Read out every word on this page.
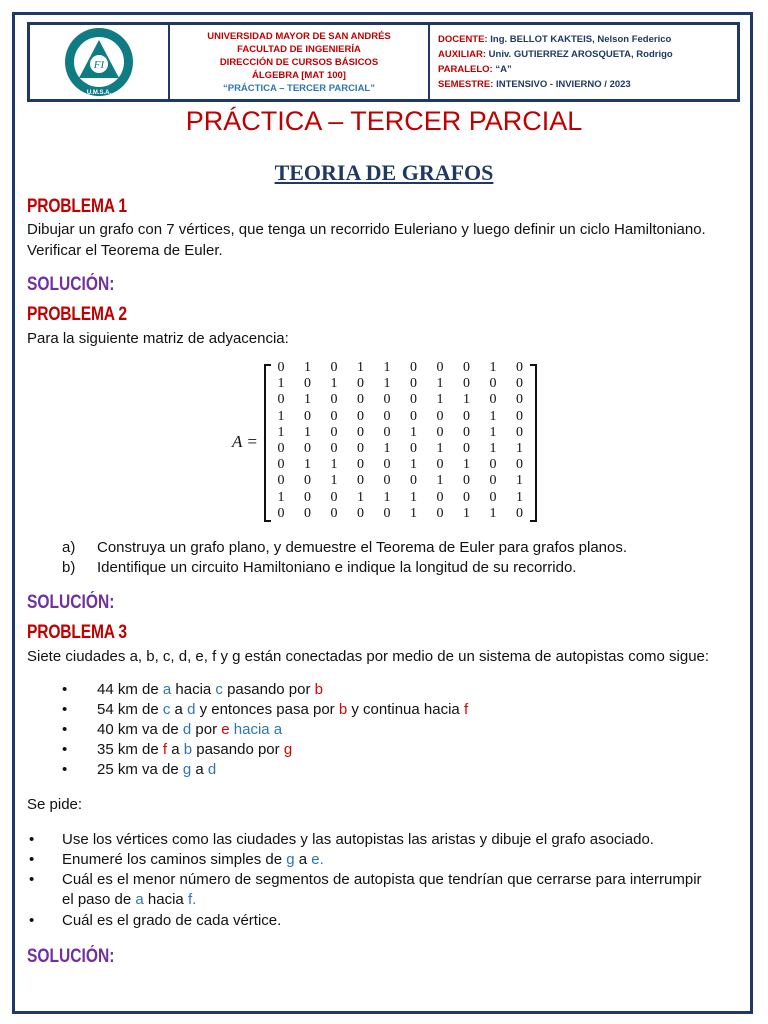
FI
U.M.S.A.
UNIVERSIDAD MAYOR DE SAN ANDRÉS
FACULTAD DE INGENIERÍA
DIRECCIÓN DE CURSOS BÁSICOS
ÁLGEBRA [MAT 100]
“PRÁCTICA – TERCER PARCIAL”
DOCENTE: Ing. BELLOT KAKTEIS, Nelson Federico
AUXILIAR: Univ. GUTIERREZ AROSQUETA, Rodrigo
PARALELO: “A”
SEMESTRE: INTENSIVO - INVIERNO / 2023
PRÁCTICA – TERCER PARCIAL
TEORIA DE GRAFOS
PROBLEMA 1
Dibujar un grafo con 7 vértices, que tenga un recorrido Euleriano y luego definir un ciclo Hamiltoniano.
Verificar el Teorema de Euler.
SOLUCIÓN:
PROBLEMA 2
Para la siguiente matriz de adyacencia:
A =
0	1	0	1	1	0	0	0	1	0
1	0	1	0	1	0	1	0	0	0
0	1	0	0	0	0	1	1	0	0
1	0	0	0	0	0	0	0	1	0
1	1	0	0	0	1	0	0	1	0
0	0	0	0	1	0	1	0	1	1
0	1	1	0	0	1	0	1	0	0
0	0	1	0	0	0	1	0	0	1
1	0	0	1	1	1	0	0	0	1
0	0	0	0	0	1	0	1	1	0
a) Construya un grafo plano, y demuestre el Teorema de Euler para grafos planos.

b) Identifique un circuito Hamiltoniano e indique la longitud de su recorrido.
SOLUCIÓN:
PROBLEMA 3
Siete ciudades a, b, c, d, e, f y g están conectadas por medio de un sistema de autopistas como sigue:
• 44 km de a hacia c pasando por b
• 54 km de c a d y entonces pasa por b y continua hacia f
• 40 km va de d por e hacia a
• 35 km de f a b pasando por g
• 25 km va de g a d
Se pide:
• Use los vértices como las ciudades y las autopistas las aristas y dibuje el grafo asociado.
• Enumeré los caminos simples de g a e.
• Cuál es el menor número de segmentos de autopista que tendrían que cerrarse para interrumpir
el paso de a hacia f.
• Cuál es el grado de cada vértice.
SOLUCIÓN:
